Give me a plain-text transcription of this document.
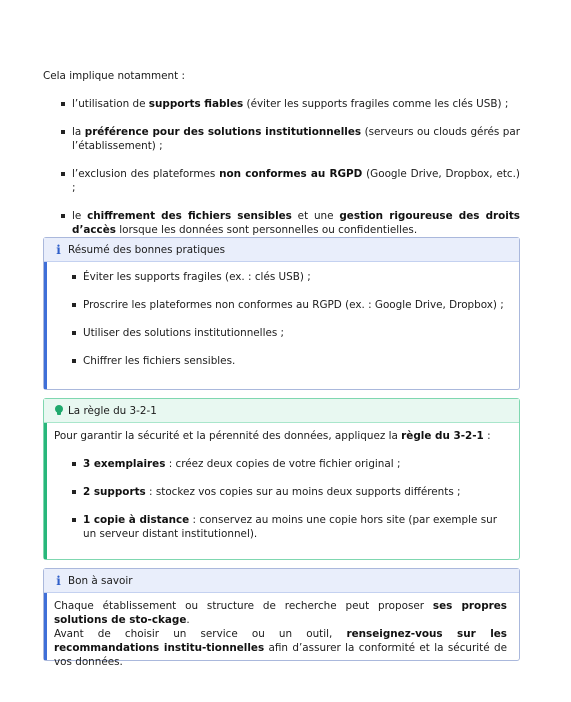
Cela implique notamment :

l’utilisation de supports fiables (éviter les supports fragiles comme les clés USB) ;
la préférence pour des solutions institutionnelles (serveurs ou clouds gérés par l’établissement) ;
l’exclusion des plateformes non conformes au RGPD (Google Drive, Dropbox, etc.) ;
le chiffrement des fichiers sensibles et une gestion rigoureuse des droits d’accès lorsque les données sont personnelles ou confidentielles.
i Résumé des bonnes pratiques
Éviter les supports fragiles (ex. : clés USB) ;
Proscrire les plateformes non conformes au RGPD (ex. : Google Drive, Dropbox) ;
Utiliser des solutions institutionnelles ;
Chiffrer les fichiers sensibles.
La règle du 3-2-1

Pour garantir la sécurité et la pérennité des données, appliquez la règle du 3-2-1 :

3 exemplaires : créez deux copies de votre fichier original ;
2 supports : stockez vos copies sur au moins deux supports différents ;
1 copie à distance : conservez au moins une copie hors site (par exemple sur un serveur distant institutionnel).
i Bon à savoir

Chaque établissement ou structure de recherche peut proposer ses propres solutions de sto-ckage.

Avant de choisir un service ou un outil, renseignez-vous sur les recommandations institu-tionnelles afin d’assurer la conformité et la sécurité de vos données.
